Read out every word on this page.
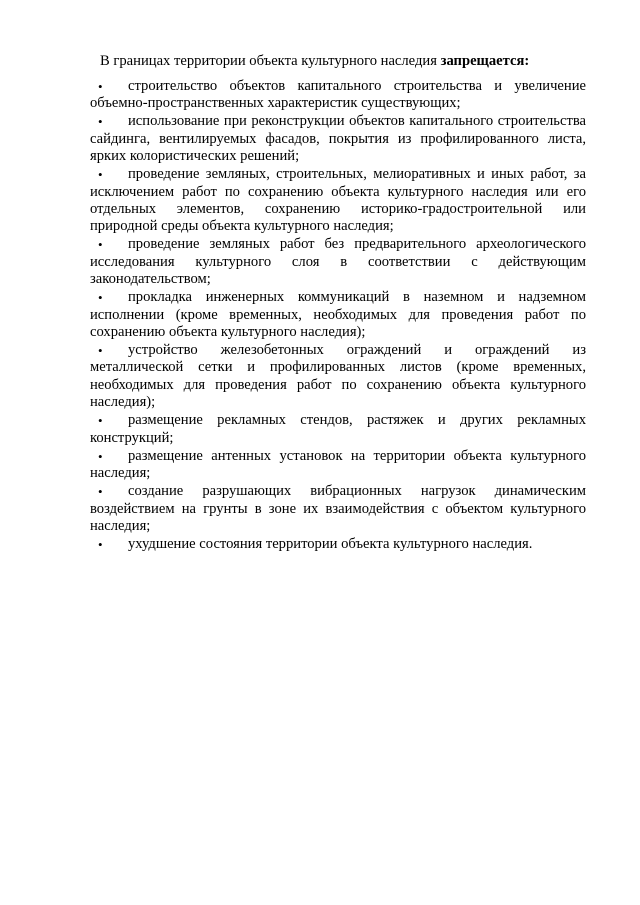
В границах территории объекта культурного наследия запрещается:

• строительство объектов капитального строительства и увеличение объемно-пространственных характеристик существующих;
• использование при реконструкции объектов капитального строительства сайдинга, вентилируемых фасадов, покрытия из профилированного листа, ярких колористических решений;
• проведение земляных, строительных, мелиоративных и иных работ, за исключением работ по сохранению объекта культурного наследия или его отдельных элементов, сохранению историко-градостроительной или природной среды объекта культурного наследия;
• проведение земляных работ без предварительного археологического исследования культурного слоя в соответствии с действующим законодательством;
• прокладка инженерных коммуникаций в наземном и надземном исполнении (кроме временных, необходимых для проведения работ по сохранению объекта культурного наследия);
• устройство железобетонных ограждений и ограждений из металлической сетки и профилированных листов (кроме временных, необходимых для проведения работ по сохранению объекта культурного наследия);
• размещение рекламных стендов, растяжек и других рекламных конструкций;
• размещение антенных установок на территории объекта культурного наследия;
• создание разрушающих вибрационных нагрузок динамическим воздействием на грунты в зоне их взаимодействия с объектом культурного наследия;
• ухудшение состояния территории объекта культурного наследия.
